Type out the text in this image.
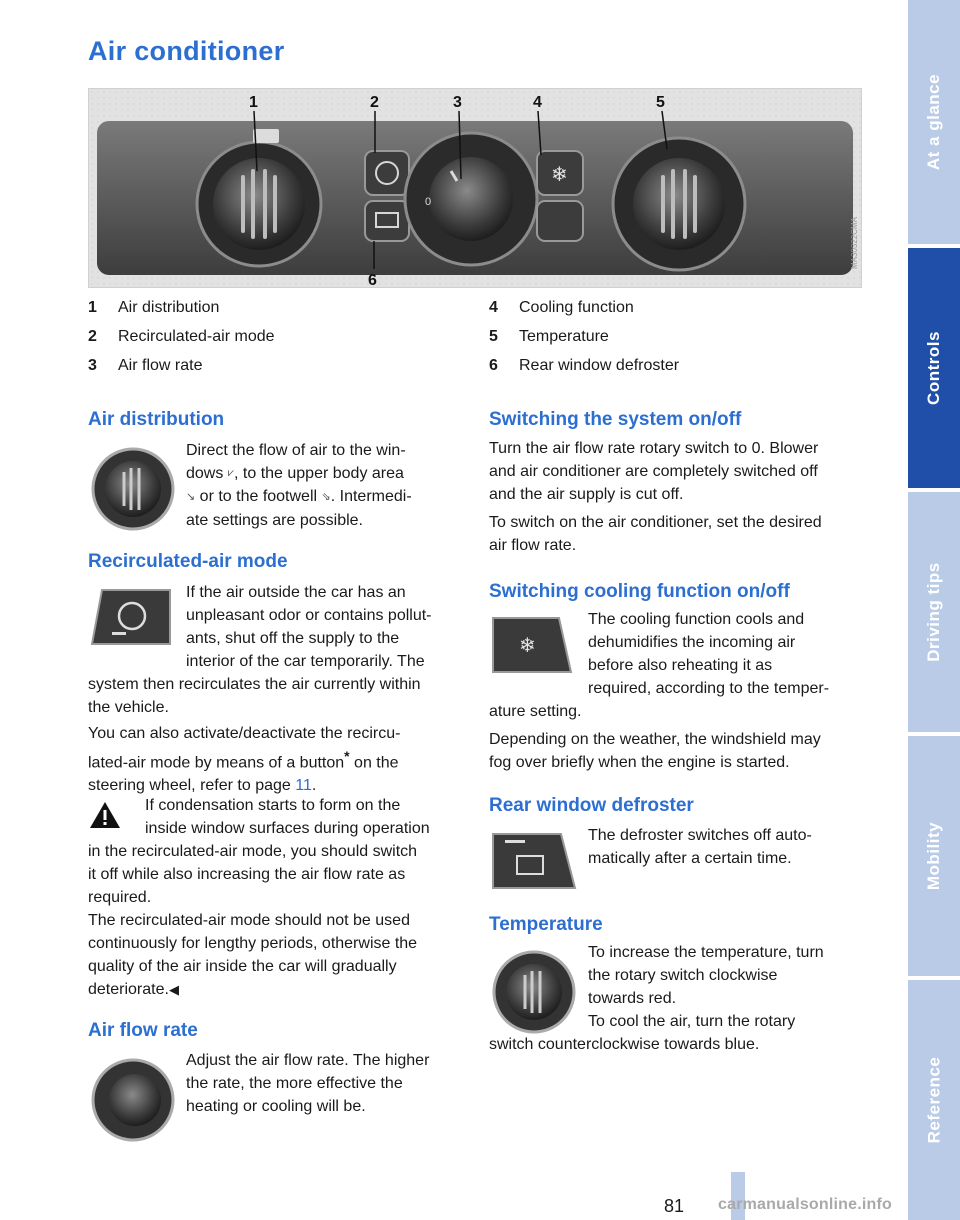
At a glance
Controls
Driving tips
Mobility
Reference
Air conditioner
0
❄
1	2	3	4	5
6
MA30322CMA
1	Air distribution
2	Recirculated-air mode
3	Air flow rate
4	Cooling function
5	Temperature
6	Rear window defroster
Air distribution
Direct the flow of air to the win-
dows ⩗, to the upper body area
↘ or to the footwell ⇘. Intermedi-
ate settings are possible.
Recirculated-air mode
If the air outside the car has an
unpleasant odor or contains pollut-
ants, shut off the supply to the
interior of the car temporarily. The
system then recirculates the air currently within
the vehicle.
You can also activate/deactivate the recircu-
lated-air mode by means of a button* on the
steering wheel, refer to page 11.
If condensation starts to form on the
inside window surfaces during operation
in the recirculated-air mode, you should switch
it off while also increasing the air flow rate as
required.
The recirculated-air mode should not be used
continuously for lengthy periods, otherwise the
quality of the air inside the car will gradually
deteriorate.◀
Air flow rate
Adjust the air flow rate. The higher
the rate, the more effective the
heating or cooling will be.
Switching the system on/off
Turn the air flow rate rotary switch to 0. Blower
and air conditioner are completely switched off
and the air supply is cut off.
To switch on the air conditioner, set the desired
air flow rate.
Switching cooling function on/off
❄
The cooling function cools and
dehumidifies the incoming air
before also reheating it as
required, according to the temper-
ature setting.
Depending on the weather, the windshield may
fog over briefly when the engine is started.
Rear window defroster
The defroster switches off auto-
matically after a certain time.
Temperature
To increase the temperature, turn
the rotary switch clockwise
towards red.
To cool the air, turn the rotary
switch counterclockwise towards blue.
81 carmanualsonline.info
